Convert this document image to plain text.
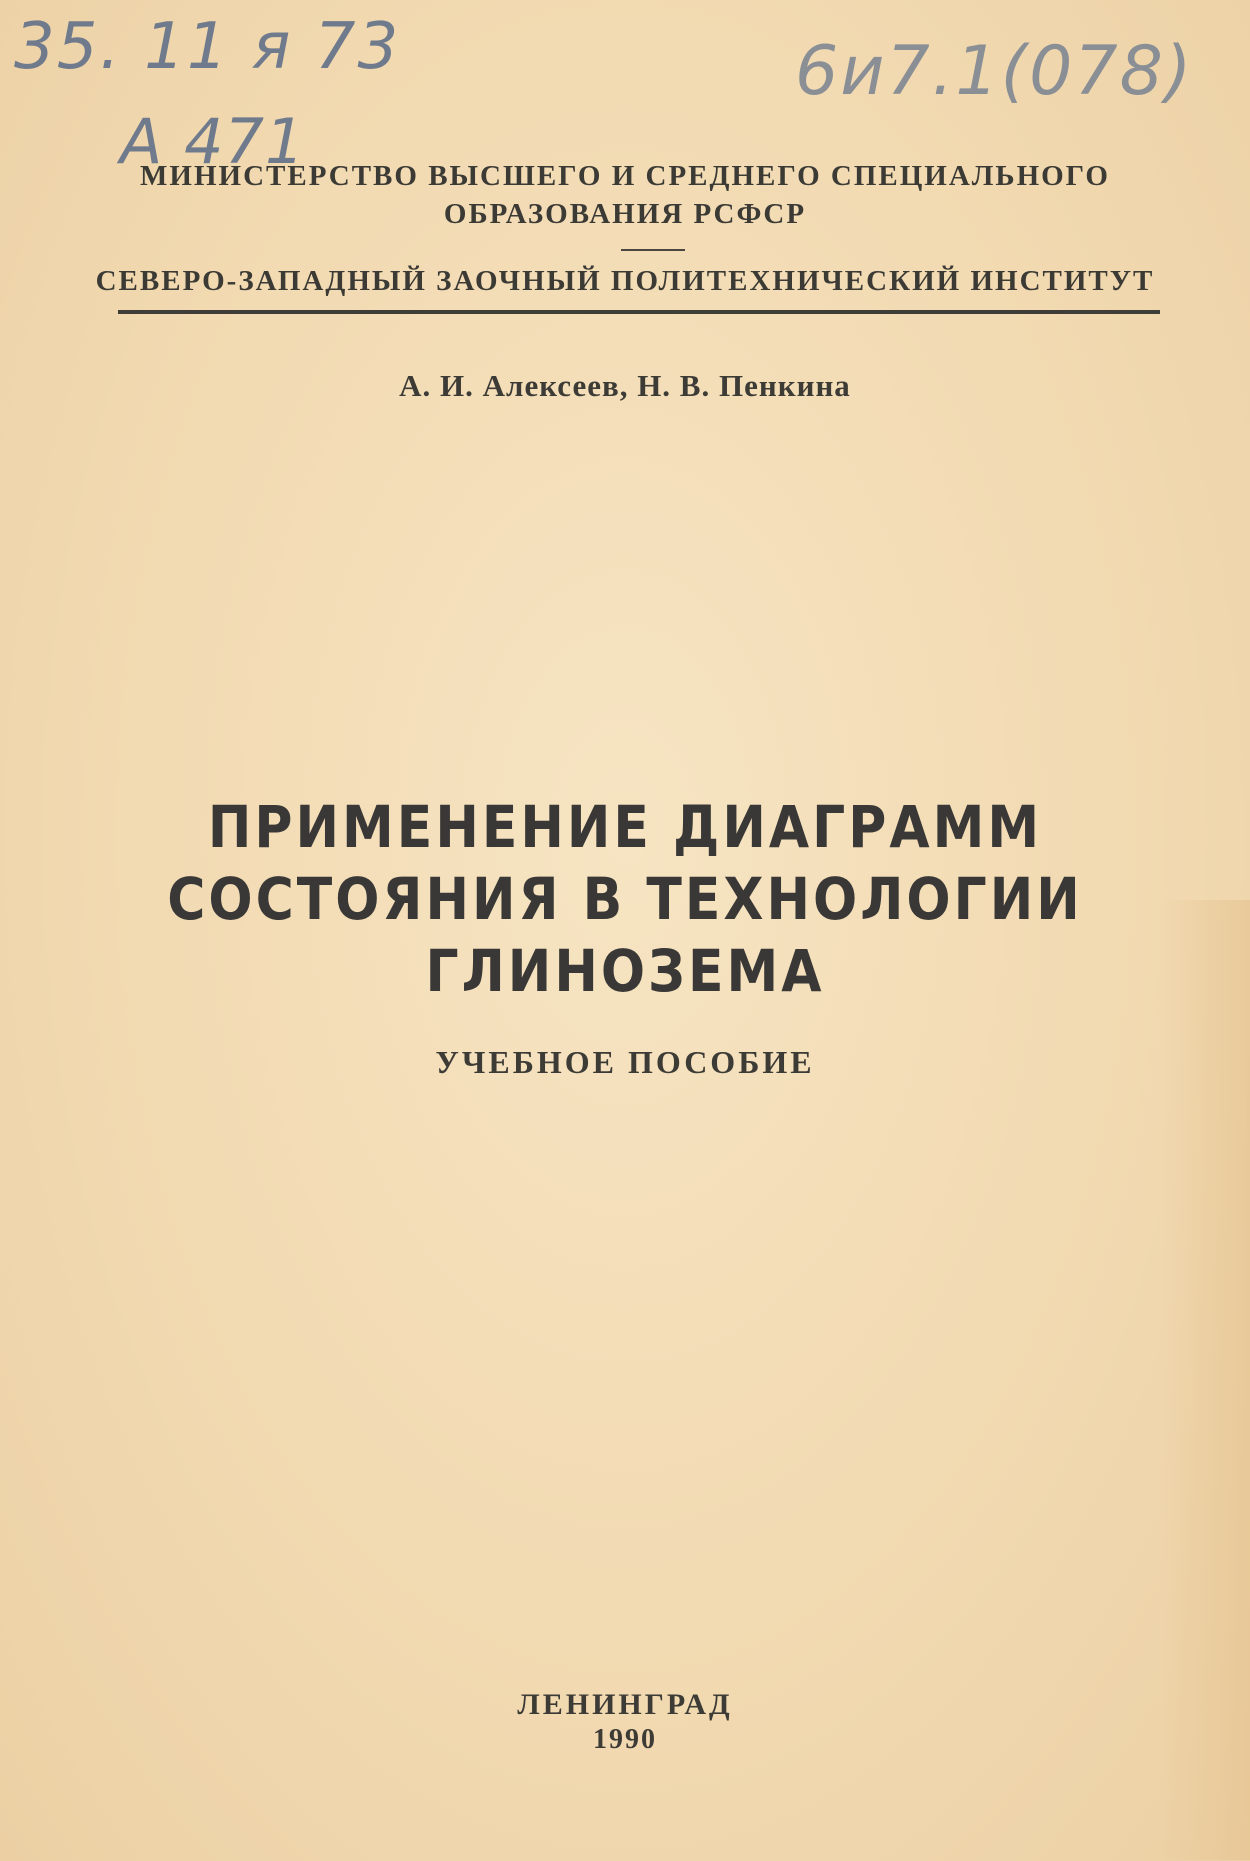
35. 11 я 73
А 471
6и7.1(078)
МИНИСТЕРСТВО ВЫСШЕГО И СРЕДНЕГО СПЕЦИАЛЬНОГО
ОБРАЗОВАНИЯ РСФСР
СЕВЕРО-ЗАПАДНЫЙ ЗАОЧНЫЙ ПОЛИТЕХНИЧЕСКИЙ ИНСТИТУТ
А. И. Алексеев, Н. В. Пенкина
ПРИМЕНЕНИЕ ДИАГРАММ
СОСТОЯНИЯ В ТЕХНОЛОГИИ
ГЛИНОЗЕМА
УЧЕБНОЕ ПОСОБИЕ
ЛЕНИНГРАД
1990
